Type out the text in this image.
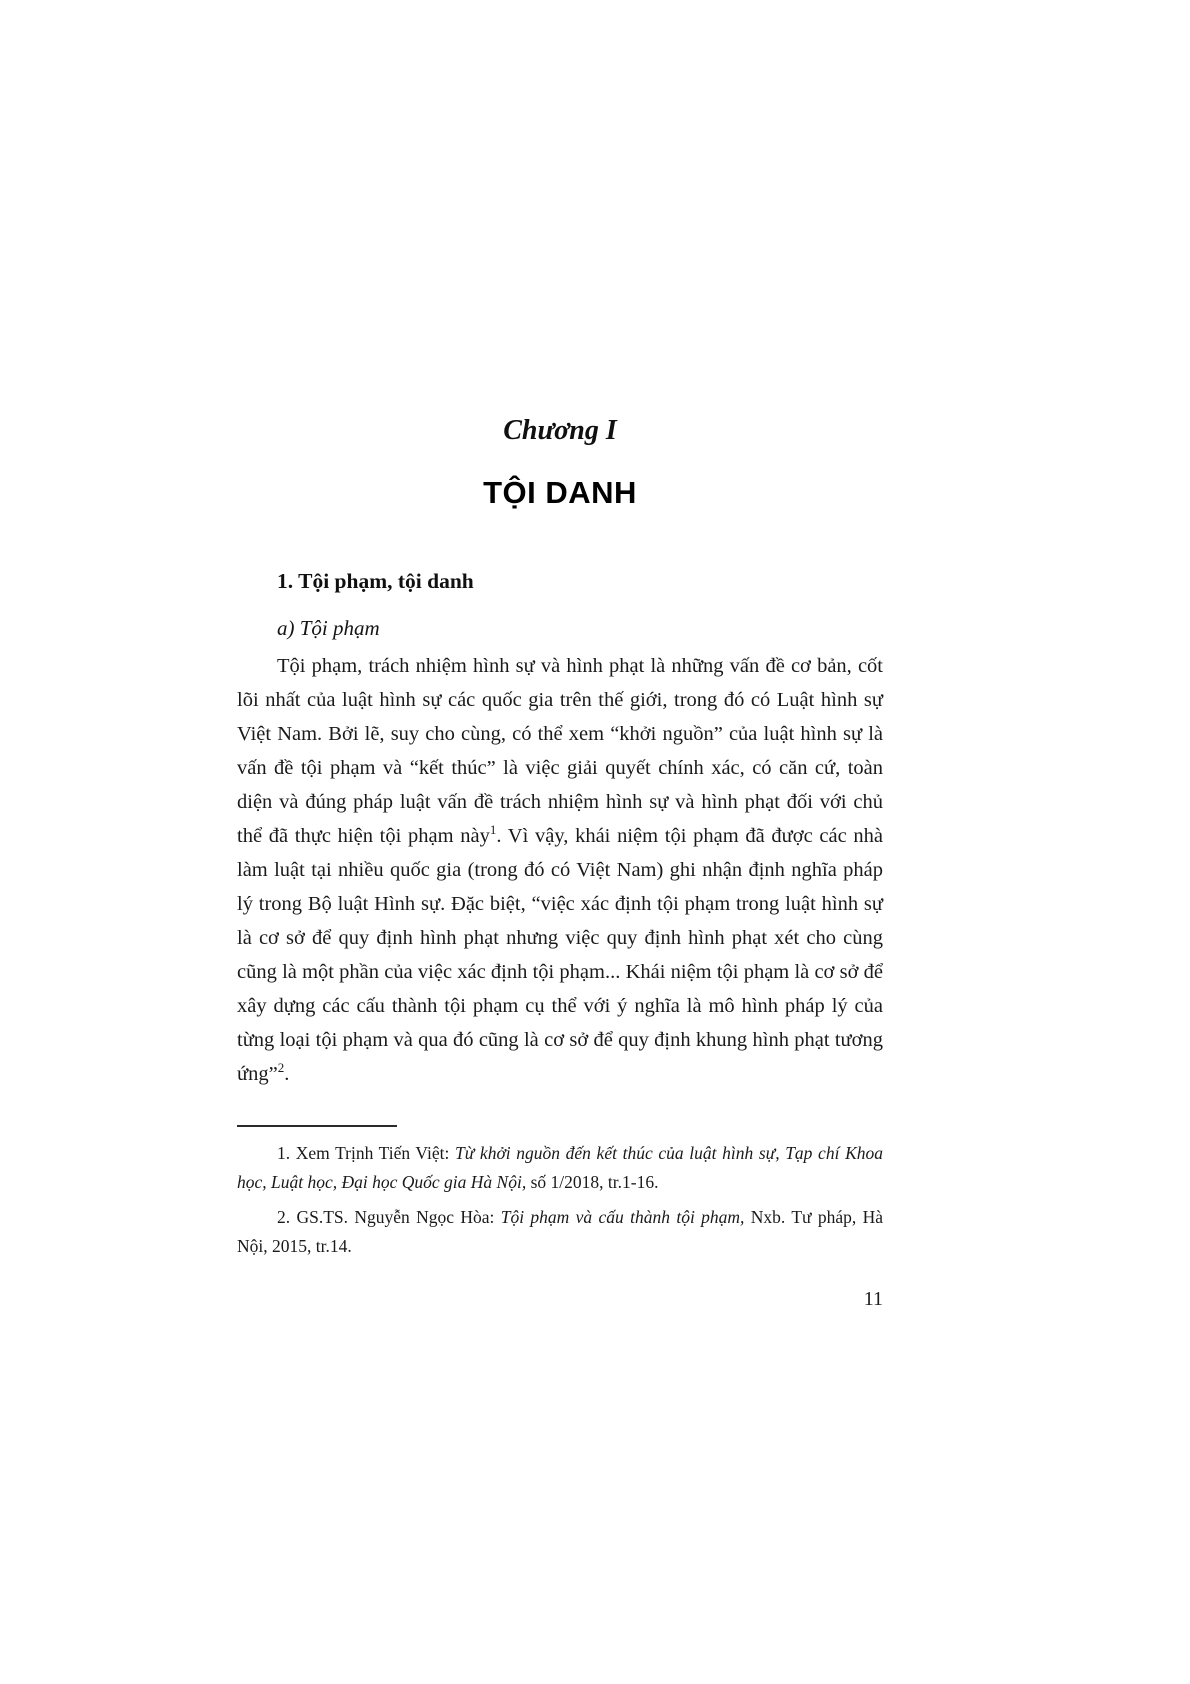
Chương I
TỘI DANH
1. Tội phạm, tội danh

a) Tội phạm

Tội phạm, trách nhiệm hình sự và hình phạt là những vấn đề cơ bản, cốt lõi nhất của luật hình sự các quốc gia trên thế giới, trong đó có Luật hình sự Việt Nam. Bởi lẽ, suy cho cùng, có thể xem “khởi nguồn” của luật hình sự là vấn đề tội phạm và “kết thúc” là việc giải quyết chính xác, có căn cứ, toàn diện và đúng pháp luật vấn đề trách nhiệm hình sự và hình phạt đối với chủ thể đã thực hiện tội phạm này$^1$. Vì vậy, khái niệm tội phạm đã được các nhà làm luật tại nhiều quốc gia (trong đó có Việt Nam) ghi nhận định nghĩa pháp lý trong Bộ luật Hình sự. Đặc biệt, “việc xác định tội phạm trong luật hình sự là cơ sở để quy định hình phạt nhưng việc quy định hình phạt xét cho cùng cũng là một phần của việc xác định tội phạm... Khái niệm tội phạm là cơ sở để xây dựng các cấu thành tội phạm cụ thể với ý nghĩa là mô hình pháp lý của từng loại tội phạm và qua đó cũng là cơ sở để quy định khung hình phạt tương ứng”$^2$.

1. Xem Trịnh Tiến Việt: Từ khởi nguồn đến kết thúc của luật hình sự, Tạp chí Khoa học, Luật học, Đại học Quốc gia Hà Nội, số 1/2018, tr.1-16.

2. GS.TS. Nguyễn Ngọc Hòa: Tội phạm và cấu thành tội phạm, Nxb. Tư pháp, Hà Nội, 2015, tr.14.

11
